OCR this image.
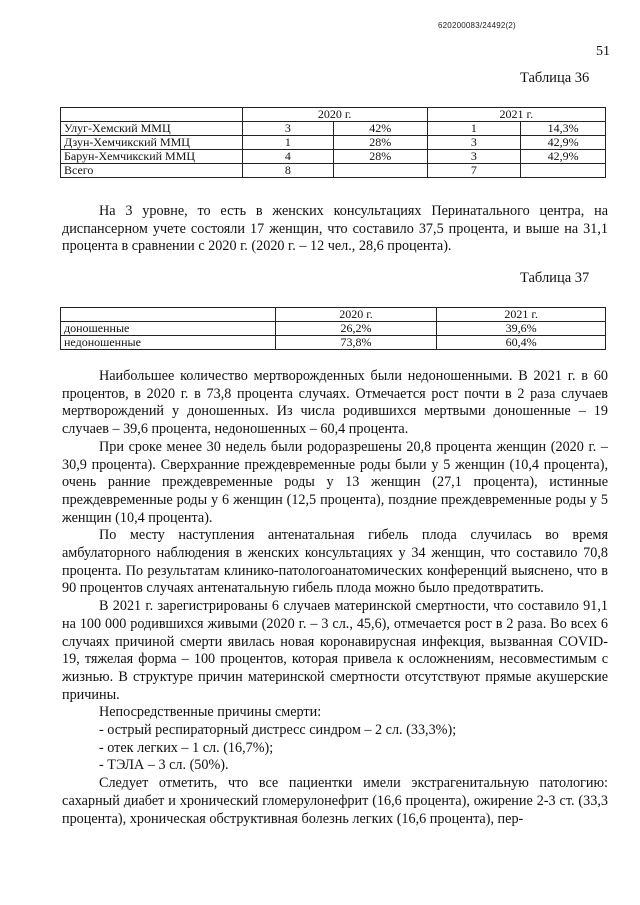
620200083/24492(2)
51
Таблица 36
	2020 г.		2021 г.	
Улуг-Хемский ММЦ	3	42%	1	14,3%
Дзун-Хемчикский ММЦ	1	28%	3	42,9%
Барун-Хемчикский ММЦ	4	28%	3	42,9%
Всего	8		7	

На 3 уровне, то есть в женских консультациях Перинатального центра, на диспансерном учете состояли 17 женщин, что составило 37,5 процента, и выше на 31,1 процента в сравнении с 2020 г. (2020 г. – 12 чел., 28,6 процента).

Таблица 37
	2020 г.	2021 г.
доношенные	26,2%	39,6%
недоношенные	73,8%	60,4%

Наибольшее количество мертворожденных были недоношенными. В 2021 г. в 60 процентов, в 2020 г. в 73,8 процента случаях. Отмечается рост почти в 2 раза случаев мертворождений у доношенных. Из числа родившихся мертвыми доношенные – 19 случаев – 39,6 процента, недоношенных – 60,4 процента.

При сроке менее 30 недель были родоразрешены 20,8 процента женщин (2020 г. – 30,9 процента). Сверхранние преждевременные роды были у 5 женщин (10,4 процента), очень ранние преждевременные роды у 13 женщин (27,1 процента), истинные преждевременные роды у 6 женщин (12,5 процента), поздние преждевременные роды у 5 женщин (10,4 процента).

По месту наступления антенатальная гибель плода случилась во время амбулаторного наблюдения в женских консультациях у 34 женщин, что составило 70,8 процента. По результатам клинико-патологоанатомических конференций выяснено, что в 90 процентов случаях антенатальную гибель плода можно было предотвратить.

В 2021 г. зарегистрированы 6 случаев материнской смертности, что составило 91,1 на 100 000 родившихся живыми (2020 г. – 3 сл., 45,6), отмечается рост в 2 раза. Во всех 6 случаях причиной смерти явилась новая коронавирусная инфекция, вызванная COVID-19, тяжелая форма – 100 процентов, которая привела к осложнениям, несовместимым с жизнью. В структуре причин материнской смертности отсутствуют прямые акушерские причины.

Непосредственные причины смерти:

- острый респираторный дистресс синдром – 2 сл. (33,3%);

- отек легких – 1 сл. (16,7%);

- ТЭЛА – 3 сл. (50%).

Следует отметить, что все пациентки имели экстрагенитальную патологию: сахарный диабет и хронический гломерулонефрит (16,6 процента), ожирение 2-3 ст. (33,3 процента), хроническая обструктивная болезнь легких (16,6 процента), пер-
